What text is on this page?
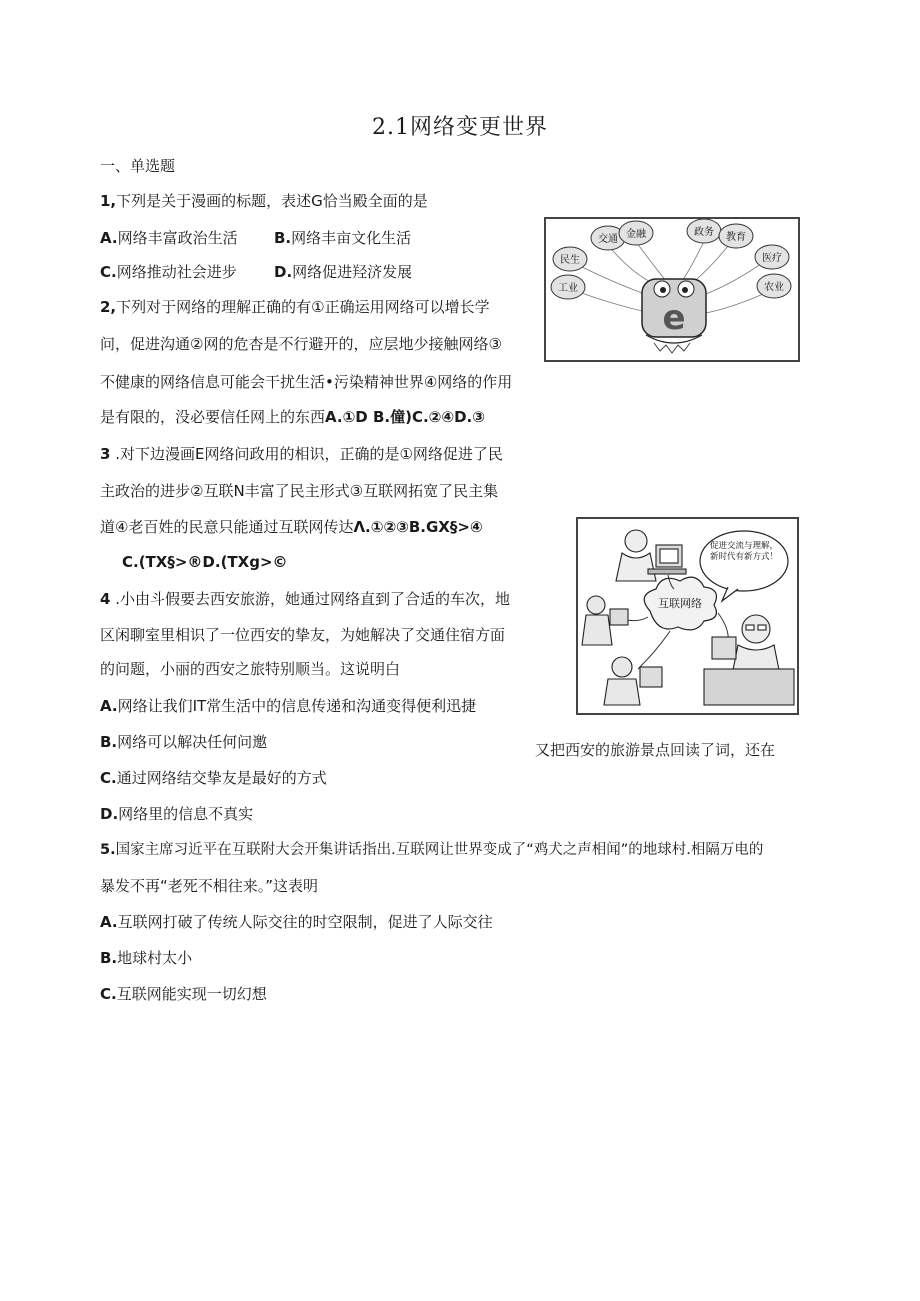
2.1网络变更世界
一、单选题
1,下列是关于漫画的标题，表述G恰当殿全面的是
A.网络丰富政治生活 B.网络丰亩文化生活
C.网络推动社会进步 D.网络促进羟济发展
2,下列对于网络的理解正确的有①正确运用网络可以增长学
问，促进沟通②网的危杏是不行避开的，应层地少接触网络③
不健康的网络信息可能会干扰生活•污染精神世界④网络的作用
是有限的，没必要信任网上的东西A.①D B.僮)C.②④D.③
3 .对下边漫画E网络问政用的相识，正确的是①网络促进了民
主政治的进步②互联N丰富了民主形式③互联网拓宽了民主集
道④老百姓的民意只能通过互联网传达Λ.①②③B.GX§>④
C.(TX§>®D.(TXg>©
4 .小由斗假要去西安旅游，她通过网络直到了合适的车次，地
区闲聊室里相识了一位西安的挚友，为她解决了交通住宿方面
的问题，小丽的西安之旅特别顺当。这说明白
A.网络让我们IT常生活中的信息传递和沟通变得便利迅捷
B.网络可以解决任何问邀	又把西安的旅游景点回读了词，还在
C.通过网络结交挚友是最好的方式
D.网络里的信息不真实
5.国家主席习近平在互联附大会开集讲话指出.互联网让世界变成了“鸡犬之声相闻”的地球村.相隔万电的
暴发不再“老死不相往来。”这表明
A.互联网打破了传统人际交往的时空限制，促进了人际交往
B.地球村太小
C.互联网能实现一切幻想
交通 金融	政务 教育
民生	医疗
工业	农业
e
促进交流与理解，新时代有新方式！
互联网络
